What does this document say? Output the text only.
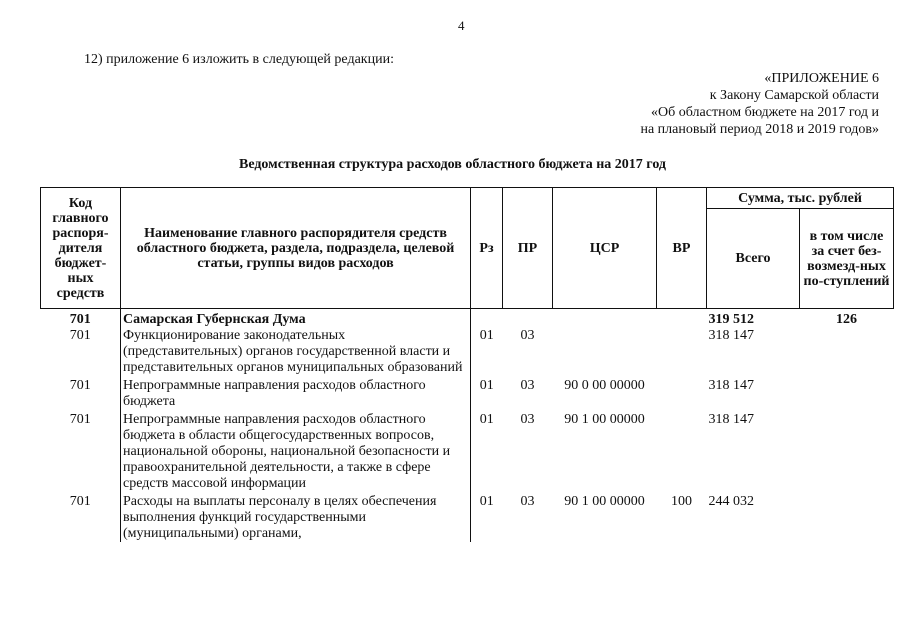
4
12) приложение 6 изложить в следующей редакции:
«ПРИЛОЖЕНИЕ 6
к Закону Самарской области
«Об областном бюджете на 2017 год и
на плановый период 2018 и 2019 годов»
Ведомственная структура расходов областного бюджета на 2017 год
Код главного распоря-дителя бюджет-ных средств	Наименование главного распорядителя средств областного бюджета, раздела, подраздела, целевой статьи, группы видов расходов	Рз	ПР	ЦСР	ВР	Сумма, тыс. рублей	
						Всего	в том числе за счет без-возмезд-ных по-ступлений
701	Самарская Губернская Дума					319 512	126
701	Функционирование законодательных (представительных) органов государственной власти и представительных органов муниципальных образований	01	03			318 147	
701	Непрограммные направления расходов областного бюджета	01	03	90 0 00 00000		318 147	
701	Непрограммные направления расходов областного бюджета в области общегосударственных вопросов, национальной обороны, национальной безопасности и правоохранительной деятельности, а также в сфере средств массовой информации	01	03	90 1 00 00000		318 147	
701	Расходы на выплаты персоналу в целях обеспечения выполнения функций государственными (муниципальными) органами,	01	03	90 1 00 00000	100	244 032	
